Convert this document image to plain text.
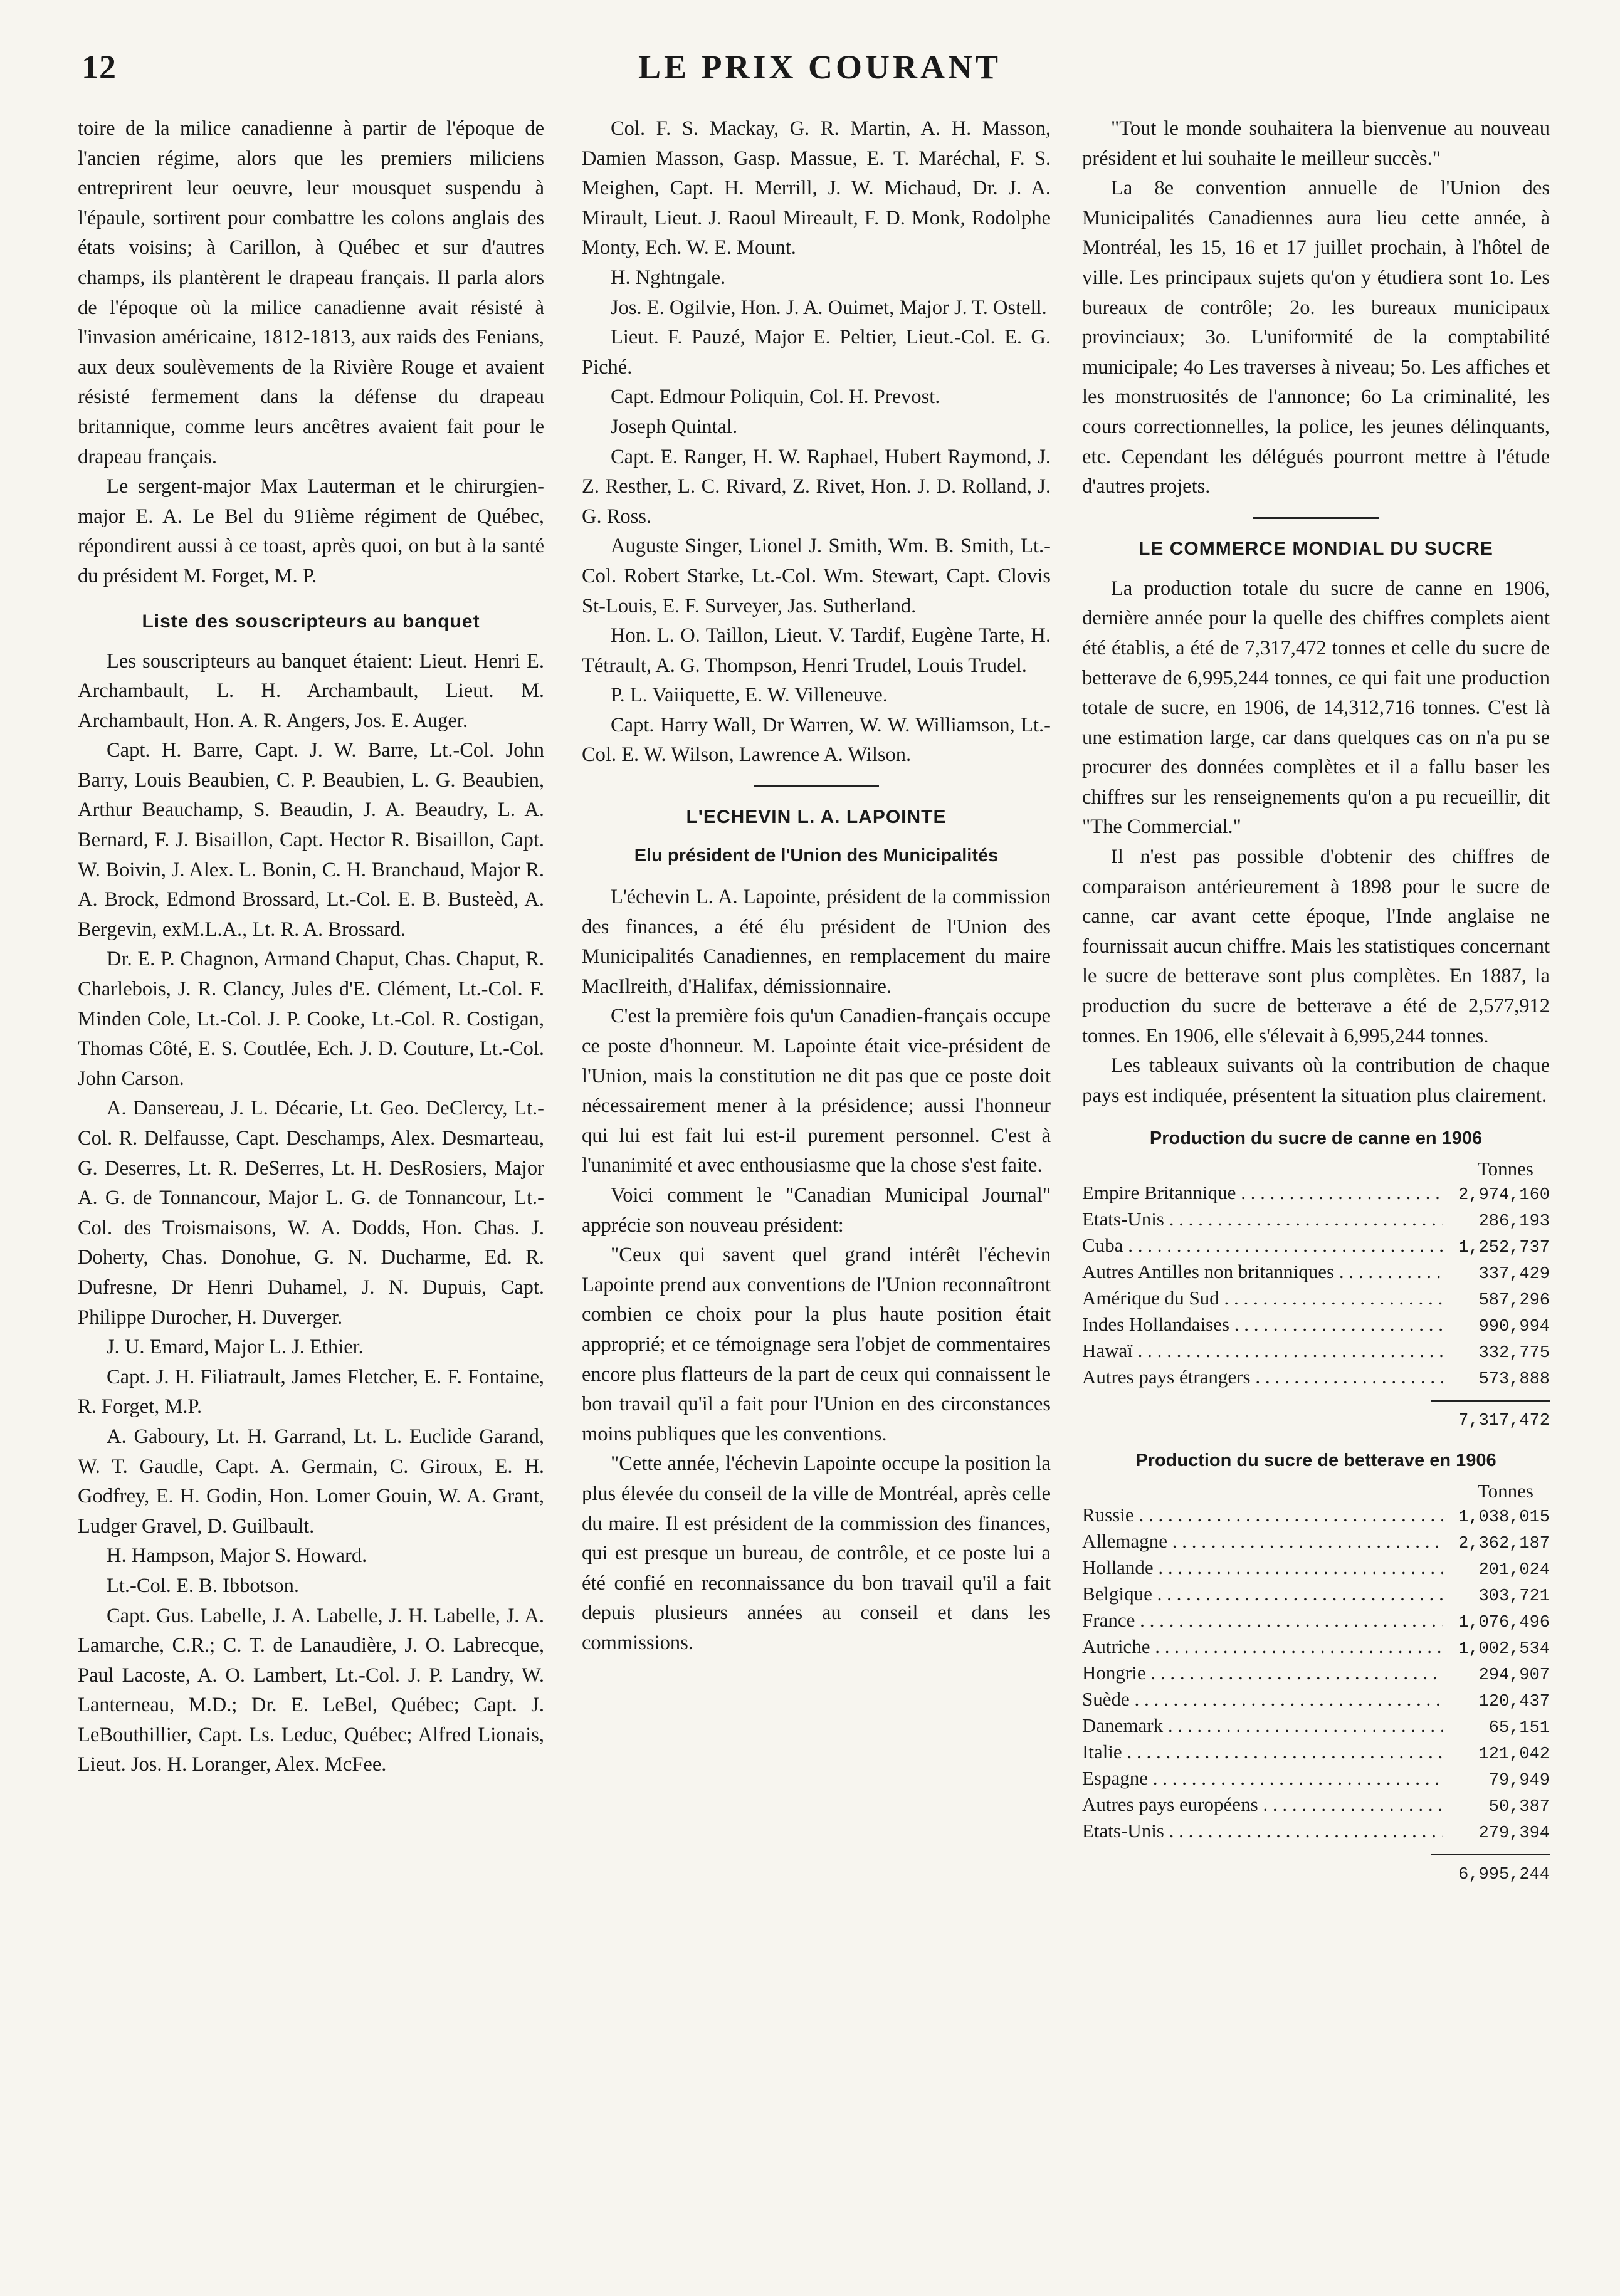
12	LE PRIX COURANT

toire de la milice canadienne à partir de l'époque de l'ancien régime, alors que les premiers miliciens entreprirent leur oeuvre, leur mousquet suspendu à l'épaule, sortirent pour combattre les colons anglais des états voisins; à Carillon, à Québec et sur d'autres champs, ils plantèrent le drapeau français. Il parla alors de l'époque où la milice canadienne avait résisté à l'invasion américaine, 1812-1813, aux raids des Fenians, aux deux soulèvements de la Rivière Rouge et avaient résisté fermement dans la défense du drapeau britannique, comme leurs ancêtres avaient fait pour le drapeau français.

Le sergent-major Max Lauterman et le chirurgien-major E. A. Le Bel du 91ième régiment de Québec, répondirent aussi à ce toast, après quoi, on but à la santé du président M. Forget, M. P.

Liste des souscripteurs au banquet

Les souscripteurs au banquet étaient: Lieut. Henri E. Archambault, L. H. Archambault, Lieut. M. Archambault, Hon. A. R. Angers, Jos. E. Auger.

Capt. H. Barre, Capt. J. W. Barre, Lt.-Col. John Barry, Louis Beaubien, C. P. Beaubien, L. G. Beaubien, Arthur Beauchamp, S. Beaudin, J. A. Beaudry, L. A. Bernard, F. J. Bisaillon, Capt. Hector R. Bisaillon, Capt. W. Boivin, J. Alex. L. Bonin, C. H. Branchaud, Major R. A. Brock, Edmond Brossard, Lt.-Col. E. B. Busteèd, A. Bergevin, exM.L.A., Lt. R. A. Brossard.

Dr. E. P. Chagnon, Armand Chaput, Chas. Chaput, R. Charlebois, J. R. Clancy, Jules d'E. Clément, Lt.-Col. F. Minden Cole, Lt.-Col. J. P. Cooke, Lt.-Col. R. Costigan, Thomas Côté, E. S. Coutlée, Ech. J. D. Couture, Lt.-Col. John Carson.

A. Dansereau, J. L. Décarie, Lt. Geo. DeClercy, Lt.-Col. R. Delfausse, Capt. Deschamps, Alex. Desmarteau, G. Deserres, Lt. R. DeSerres, Lt. H. DesRosiers, Major A. G. de Tonnancour, Major L. G. de Tonnancour, Lt.-Col. des Troismaisons, W. A. Dodds, Hon. Chas. J. Doherty, Chas. Donohue, G. N. Ducharme, Ed. R. Dufresne, Dr Henri Duhamel, J. N. Dupuis, Capt. Philippe Durocher, H. Duverger.

J. U. Emard, Major L. J. Ethier.

Capt. J. H. Filiatrault, James Fletcher, E. F. Fontaine, R. Forget, M.P.

A. Gaboury, Lt. H. Garrand, Lt. L. Euclide Garand, W. T. Gaudle, Capt. A. Germain, C. Giroux, E. H. Godfrey, E. H. Godin, Hon. Lomer Gouin, W. A. Grant, Ludger Gravel, D. Guilbault.

H. Hampson, Major S. Howard.

Lt.-Col. E. B. Ibbotson.

Capt. Gus. Labelle, J. A. Labelle, J. H. Labelle, J. A. Lamarche, C.R.; C. T. de Lanaudière, J. O. Labrecque, Paul Lacoste, A. O. Lambert, Lt.-Col. J. P. Landry, W. Lanterneau, M.D.; Dr. E. LeBel, Québec; Capt. J. LeBouthillier, Capt. Ls. Leduc, Québec; Alfred Lionais, Lieut. Jos. H. Loranger, Alex. McFee.

Col. F. S. Mackay, G. R. Martin, A. H. Masson, Damien Masson, Gasp. Massue, E. T. Maréchal, F. S. Meighen, Capt. H. Merrill, J. W. Michaud, Dr. J. A. Mirault, Lieut. J. Raoul Mireault, F. D. Monk, Rodolphe Monty, Ech. W. E. Mount.

H. Nghtngale.

Jos. E. Ogilvie, Hon. J. A. Ouimet, Major J. T. Ostell.

Lieut. F. Pauzé, Major E. Peltier, Lieut.-Col. E. G. Piché.

Capt. Edmour Poliquin, Col. H. Prevost.

Joseph Quintal.

Capt. E. Ranger, H. W. Raphael, Hubert Raymond, J. Z. Resther, L. C. Rivard, Z. Rivet, Hon. J. D. Rolland, J. G. Ross.

Auguste Singer, Lionel J. Smith, Wm. B. Smith, Lt.-Col. Robert Starke, Lt.-Col. Wm. Stewart, Capt. Clovis St-Louis, E. F. Surveyer, Jas. Sutherland.

Hon. L. O. Taillon, Lieut. V. Tardif, Eugène Tarte, H. Tétrault, A. G. Thompson, Henri Trudel, Louis Trudel.

P. L. Vaiiquette, E. W. Villeneuve.

Capt. Harry Wall, Dr Warren, W. W. Williamson, Lt.-Col. E. W. Wilson, Lawrence A. Wilson.

L'ECHEVIN L. A. LAPOINTE
Elu président de l'Union des Municipalités

L'échevin L. A. Lapointe, président de la commission des finances, a été élu président de l'Union des Municipalités Canadiennes, en remplacement du maire MacIlreith, d'Halifax, démissionnaire.

C'est la première fois qu'un Canadien-français occupe ce poste d'honneur. M. Lapointe était vice-président de l'Union, mais la constitution ne dit pas que ce poste doit nécessairement mener à la présidence; aussi l'honneur qui lui est fait lui est-il purement personnel. C'est à l'unanimité et avec enthousiasme que la chose s'est faite.

Voici comment le "Canadian Municipal Journal" apprécie son nouveau président:

"Ceux qui savent quel grand intérêt l'échevin Lapointe prend aux conventions de l'Union reconnaîtront combien ce choix pour la plus haute position était approprié; et ce témoignage sera l'objet de commentaires encore plus flatteurs de la part de ceux qui connaissent le bon travail qu'il a fait pour l'Union en des circonstances moins publiques que les conventions.

"Cette année, l'échevin Lapointe occupe la position la plus élevée du conseil de la ville de Montréal, après celle du maire. Il est président de la commission des finances, qui est presque un bureau, de contrôle, et ce poste lui a été confié en reconnaissance du bon travail qu'il a fait depuis plusieurs années au conseil et dans les commissions.

"Tout le monde souhaitera la bienvenue au nouveau président et lui souhaite le meilleur succès."

La 8e convention annuelle de l'Union des Municipalités Canadiennes aura lieu cette année, à Montréal, les 15, 16 et 17 juillet prochain, à l'hôtel de ville. Les principaux sujets qu'on y étudiera sont 1o. Les bureaux de contrôle; 2o. les bureaux municipaux provinciaux; 3o. L'uniformité de la comptabilité municipale; 4o Les traverses à niveau; 5o. Les affiches et les monstruosités de l'annonce; 6o La criminalité, les cours correctionnelles, la police, les jeunes délinquants, etc. Cependant les délégués pourront mettre à l'étude d'autres projets.

LE COMMERCE MONDIAL DU SUCRE

La production totale du sucre de canne en 1906, dernière année pour la quelle des chiffres complets aient été établis, a été de 7,317,472 tonnes et celle du sucre de betterave de 6,995,244 tonnes, ce qui fait une production totale de sucre, en 1906, de 14,312,716 tonnes. C'est là une estimation large, car dans quelques cas on n'a pu se procurer des données complètes et il a fallu baser les chiffres sur les renseignements qu'on a pu recueillir, dit "The Commercial."

Il n'est pas possible d'obtenir des chiffres de comparaison antérieurement à 1898 pour le sucre de canne, car avant cette époque, l'Inde anglaise ne fournissait aucun chiffre. Mais les statistiques concernant le sucre de betterave sont plus complètes. En 1887, la production du sucre de betterave a été de 2,577,912 tonnes. En 1906, elle s'élevait à 6,995,244 tonnes.

Les tableaux suivants où la contribution de chaque pays est indiquée, présentent la situation plus clairement.

Production du sucre de canne en 1906
Tonnes
Empire Britannique . . .	2,974,160
Etats-Unis . . .	286,193
Cuba . . .	1,252,737
Autres Antilles non britanniques . . .	337,429
Amérique du Sud . . .	587,296
Indes Hollandaises . . .	990,994
Hawaï . . .	332,775
Autres pays étrangers . . .	573,888
7,317,472
Production du sucre de betterave en 1906
Tonnes
Russie . . .	1,038,015
Allemagne . . .	2,362,187
Hollande . . .	201,024
Belgique . . .	303,721
France . . .	1,076,496
Autriche . . .	1,002,534
Hongrie . . .	294,907
Suède . . .	120,437
Danemark . . .	65,151
Italie . . .	121,042
Espagne . . .	79,949
Autres pays européens . . .	50,387
Etats-Unis . . .	279,394
6,995,244
